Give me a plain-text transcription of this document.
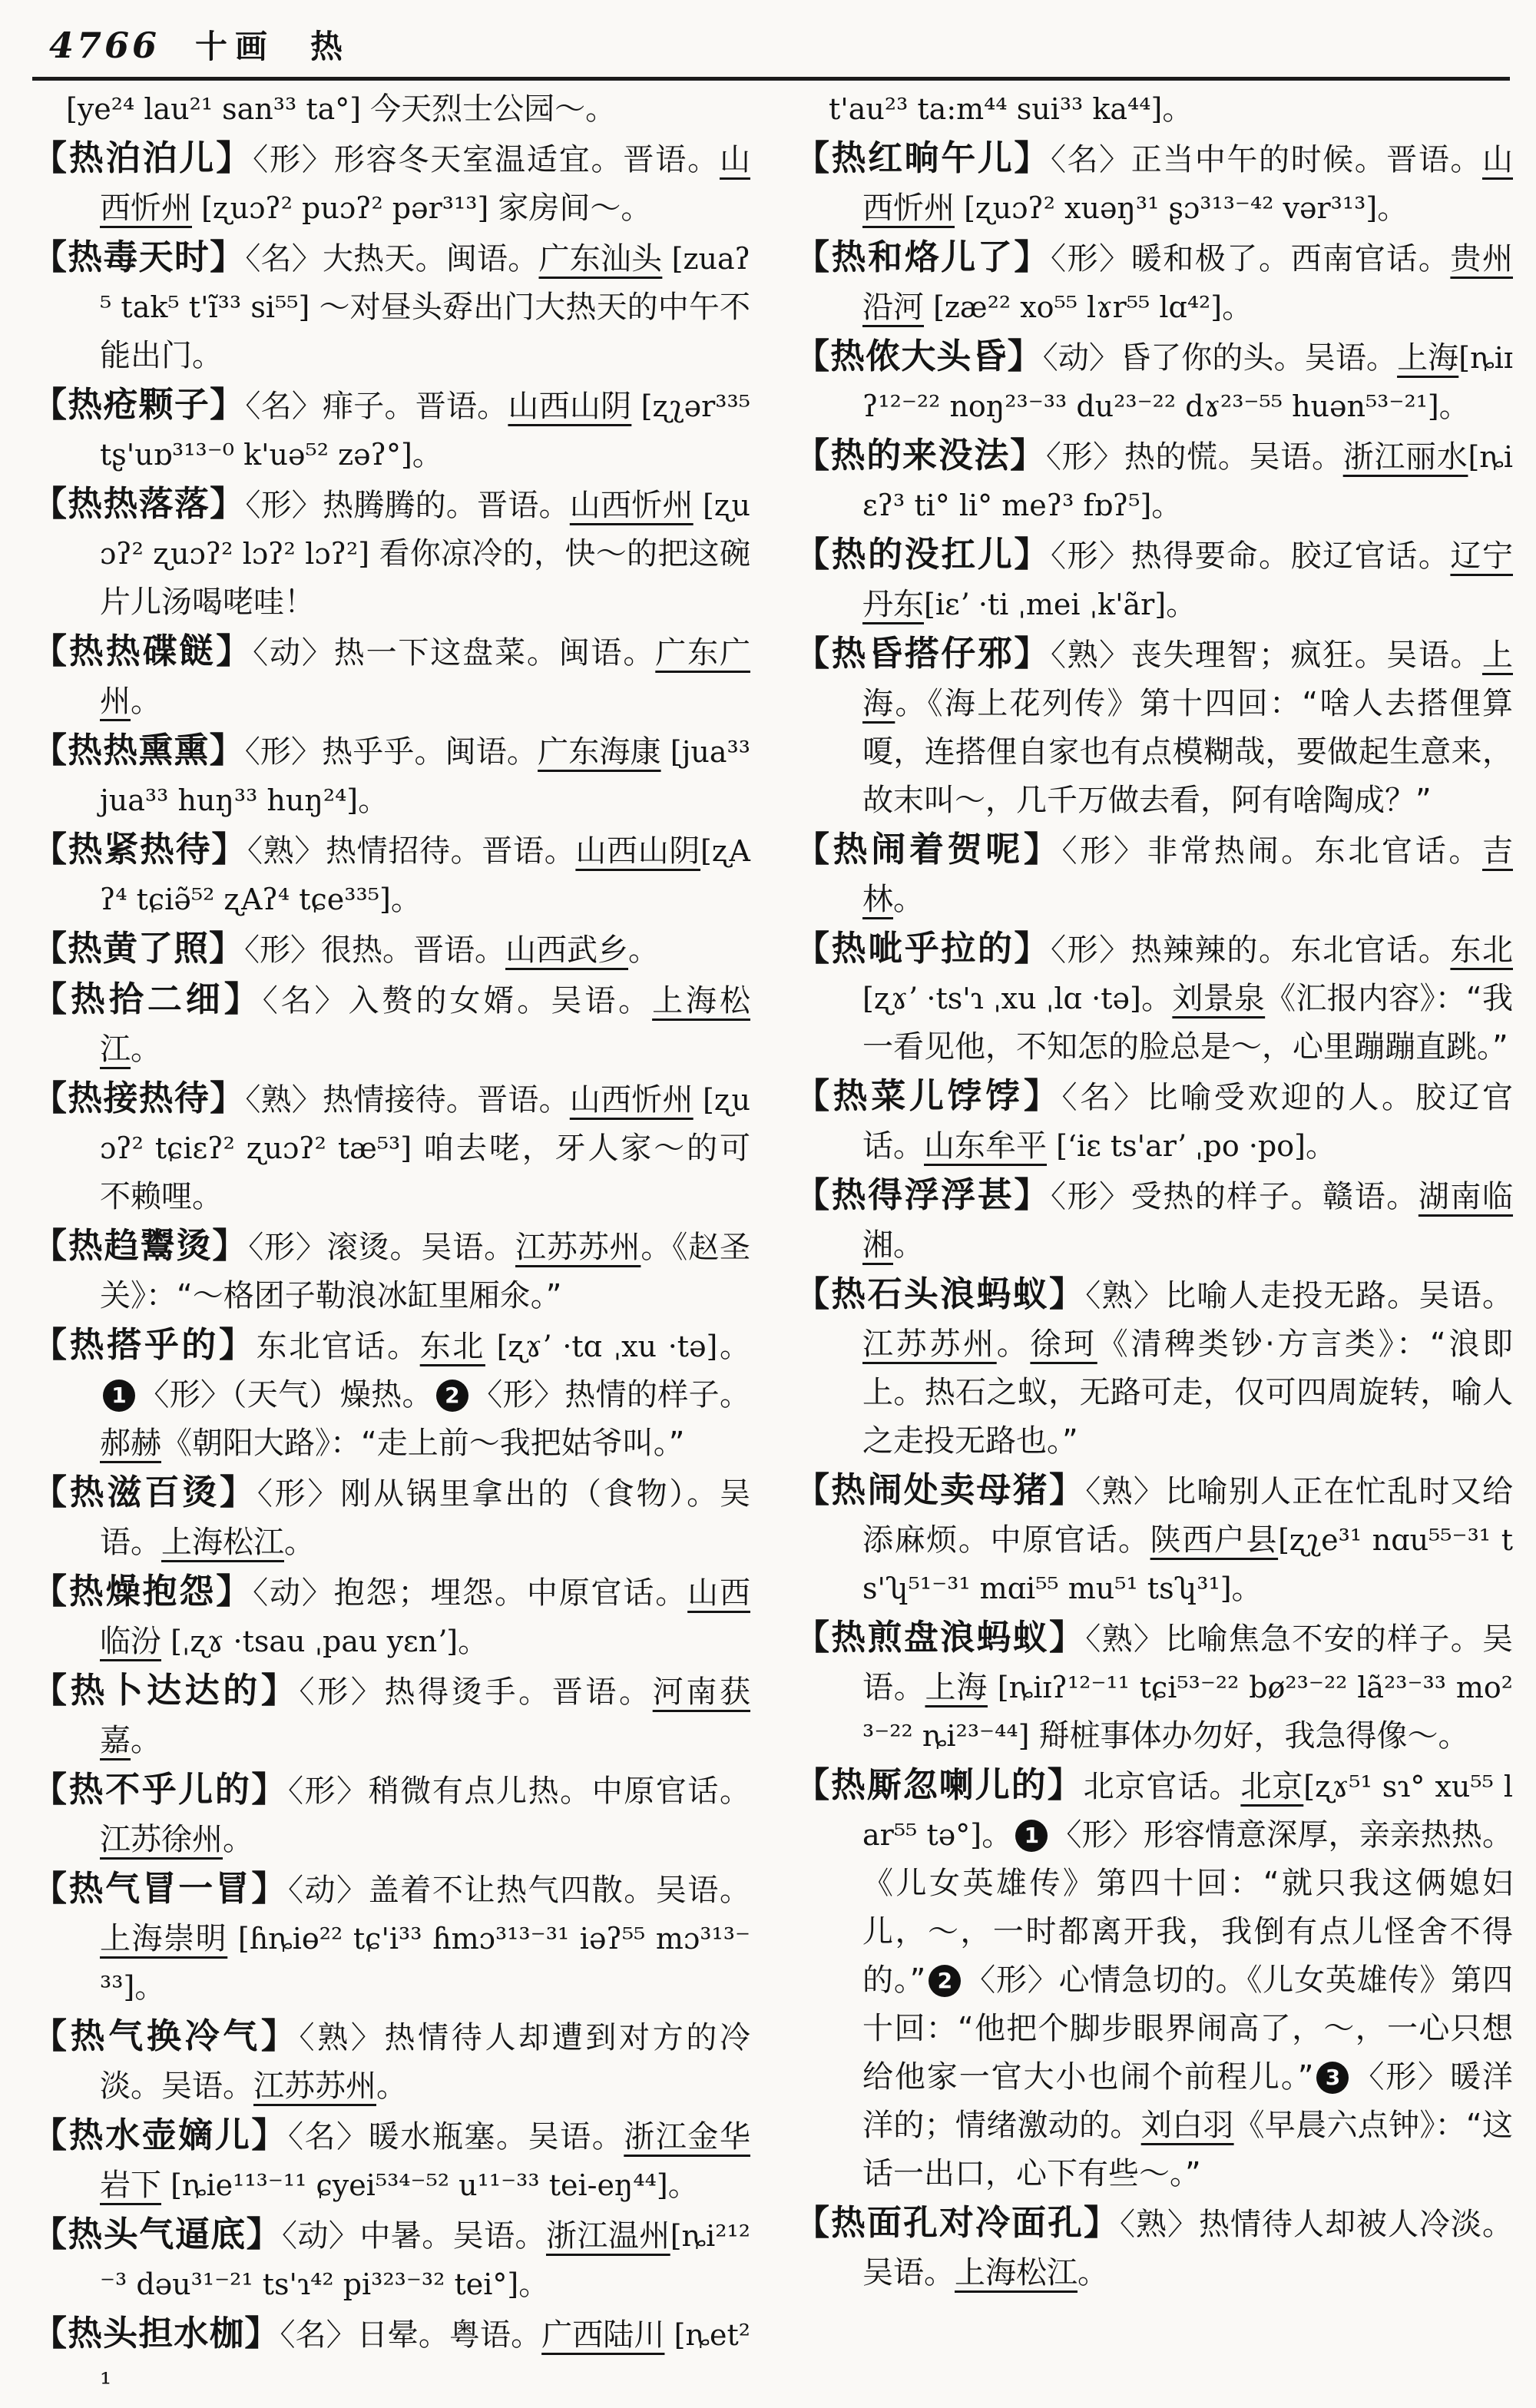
4766 十画 热

[ye²⁴ lau²¹ san³³ ta°] 今天烈士公园～。

【热泊泊儿】〈形〉形容冬天室温适宜。晋语。山西忻州 [ʐuɔʔ² puɔʔ² pər³¹³] 家房间～。

【热毒天时】〈名〉大热天。闽语。广东汕头 [zuaʔ⁵ tak⁵ t'ĩ³³ si⁵⁵] ～对昼头孬出门大热天的中午不能出门。

【热疮颗子】〈名〉痱子。晋语。山西山阴 [ʐʅər³³⁵ tʂ'uɒ³¹³⁻⁰ k'uə⁵² zəʔ°]。

【热热落落】〈形〉热腾腾的。晋语。山西忻州 [ʐuɔʔ² ʐuɔʔ² lɔʔ² lɔʔ²] 看你凉冷的，快～的把这碗片儿汤喝咾哇！

【热热碟餸】〈动〉热一下这盘菜。闽语。广东广州。

【热热熏熏】〈形〉热乎乎。闽语。广东海康 [jua³³ jua³³ huŋ³³ huŋ²⁴]。

【热紧热待】〈熟〉热情招待。晋语。山西山阴[ʐAʔ⁴ tɕiə̃⁵² ʐAʔ⁴ tɕe³³⁵]。

【热黄了照】〈形〉很热。晋语。山西武乡。

【热拾二细】〈名〉入赘的女婿。吴语。上海松江。

【热接热待】〈熟〉热情接待。晋语。山西忻州 [ʐuɔʔ² tɕiɛʔ² ʐuɔʔ² tæ⁵³] 咱去咾，牙人家～的可不赖哩。

【热趋鬻烫】〈形〉滚烫。吴语。江苏苏州。《赵圣关》：“～格团子勒浪冰缸里厢氽。”

【热搭乎的】东北官话。东北 [ʐɤʼ ·tɑ ˌxu ·tə]。1 〈形〉（天气）燥热。 2 〈形〉热情的样子。郝赫《朝阳大路》：“走上前～我把姑爷叫。”

【热滋百烫】〈形〉刚从锅里拿出的（食物）。吴语。上海松江。

【热燥抱怨】〈动〉抱怨；埋怨。中原官话。山西临汾 [ˌʐɤ ·tsau ˌpau yɛnʼ]。

【热卜达达的】〈形〉热得烫手。晋语。河南获嘉。

【热不乎儿的】〈形〉稍微有点儿热。中原官话。江苏徐州。

【热气冒一冒】〈动〉盖着不让热气四散。吴语。上海崇明 [ɦȵiɵ²² tɕ'i³³ ɦmɔ³¹³⁻³¹ iəʔ⁵⁵ mɔ³¹³⁻³³]。

【热气换冷气】〈熟〉热情待人却遭到对方的冷淡。吴语。江苏苏州。

【热水壶嫡儿】〈名〉暖水瓶塞。吴语。浙江金华岩下 [ȵie¹¹³⁻¹¹ ɕyei⁵³⁴⁻⁵² u¹¹⁻³³ tei-eŋ⁴⁴]。

【热头气逼底】〈动〉中暑。吴语。浙江温州[ȵi²¹²⁻³ dəu³¹⁻²¹ ts'ɿ⁴² pi³²³⁻³² tei°]。

【热头担水枷】〈名〉日晕。粤语。广西陆川 [ȵet²¹

t'au²³ ta:m⁴⁴ sui³³ ka⁴⁴]。

【热红晌午儿】〈名〉正当中午的时候。晋语。山西忻州 [ʐuɔʔ² xuəŋ³¹ ʂɔ³¹³⁻⁴² vər³¹³]。

【热和烙儿了】〈形〉暖和极了。西南官话。贵州沿河 [zæ²² xo⁵⁵ lɤr⁵⁵ lɑ⁴²]。

【热侬大头昏】〈动〉昏了你的头。吴语。上海[ȵiɪʔ¹²⁻²² noŋ²³⁻³³ du²³⁻²² dɤ²³⁻⁵⁵ huən⁵³⁻²¹]。

【热的来没法】〈形〉热的慌。吴语。浙江丽水[ȵiɛʔ³ ti° li° meʔ³ fɒʔ⁵]。

【热的没扛儿】〈形〉热得要命。胶辽官话。辽宁丹东[iɛʼ ·ti ˌmei ˌk'ãr]。

【热昏搭仔邪】〈熟〉丧失理智；疯狂。吴语。上海。《海上花列传》第十四回：“啥人去搭俚算嗄，连搭俚自家也有点模糊哉，要做起生意来，故末叫～，几千万做去看，阿有啥陶成？”

【热闹着贺呢】〈形〉非常热闹。东北官话。吉林。

【热呲乎拉的】〈形〉热辣辣的。东北官话。东北[ʐɤʼ ·ts'ɿ ˌxu ˌlɑ ·tə]。刘景泉《汇报内容》：“我一看见他，不知怎的脸总是～，心里蹦蹦直跳。”

【热菜儿饽饽】〈名〉比喻受欢迎的人。胶辽官话。山东牟平 [ʻiɛ ts'arʼ ˌpo ·po]。

【热得浮浮甚】〈形〉受热的样子。赣语。湖南临湘。

【热石头浪蚂蚁】〈熟〉比喻人走投无路。吴语。江苏苏州。徐珂《清稗类钞·方言类》：“浪即上。热石之蚁，无路可走，仅可四周旋转，喻人之走投无路也。”

【热闹处卖母猪】〈熟〉比喻别人正在忙乱时又给添麻烦。中原官话。陕西户县[ʐʅe³¹ nɑu⁵⁵⁻³¹ ts'ʮ⁵¹⁻³¹ mɑi⁵⁵ mu⁵¹ tsʮ³¹]。

【热煎盘浪蚂蚁】〈熟〉比喻焦急不安的样子。吴语。上海 [ȵiɪʔ¹²⁻¹¹ tɕi⁵³⁻²² bø²³⁻²² lã²³⁻³³ mo²³⁻²² ȵi²³⁻⁴⁴] 搿桩事体办勿好，我急得像～。

【热厮忽喇儿的】北京官话。北京[ʐɤ⁵¹ sɿ° xu⁵⁵ lar⁵⁵ tə°]。 1 〈形〉形容情意深厚，亲亲热热。《儿女英雄传》第四十回：“就只我这俩媳妇儿，～，一时都离开我，我倒有点儿怪舍不得的。” 2 〈形〉心情急切的。《儿女英雄传》第四十回：“他把个脚步眼界闹高了，～，一心只想给他家一官大小也闹个前程儿。” 3 〈形〉暖洋洋的；情绪激动的。刘白羽《早晨六点钟》：“这话一出口，心下有些～。”

【热面孔对冷面孔】〈熟〉热情待人却被人冷淡。吴语。上海松江。
